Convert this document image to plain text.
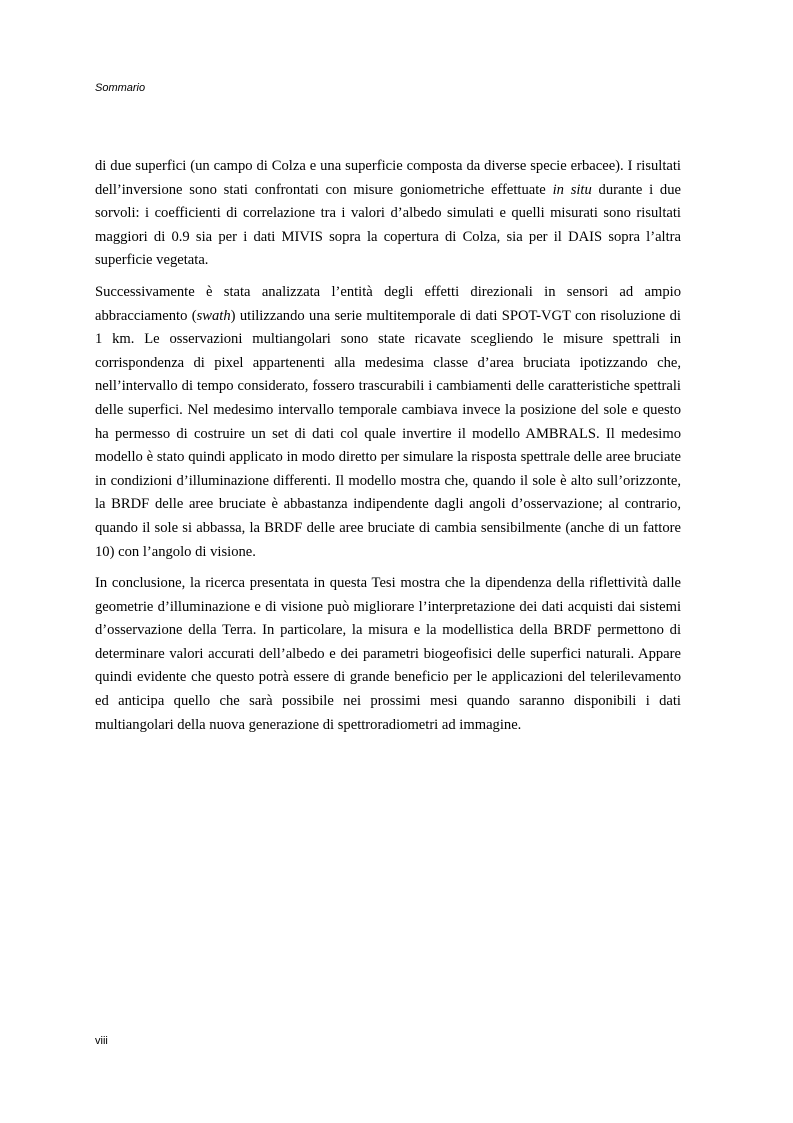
Sommario

di due superfici (un campo di Colza e una superficie composta da diverse specie erbacee). I risultati dell’inversione sono stati confrontati con misure goniometriche effettuate in situ durante i due sorvoli: i coefficienti di correlazione tra i valori d’albedo simulati e quelli misurati sono risultati maggiori di 0.9 sia per i dati MIVIS sopra la copertura di Colza, sia per il DAIS sopra l’altra superficie vegetata.

Successivamente è stata analizzata l’entità degli effetti direzionali in sensori ad ampio abbracciamento (swath) utilizzando una serie multitemporale di dati SPOT-VGT con risoluzione di 1 km. Le osservazioni multiangolari sono state ricavate scegliendo le misure spettrali in corrispondenza di pixel appartenenti alla medesima classe d’area bruciata ipotizzando che, nell’intervallo di tempo considerato, fossero trascurabili i cambiamenti delle caratteristiche spettrali delle superfici. Nel medesimo intervallo temporale cambiava invece la posizione del sole e questo ha permesso di costruire un set di dati col quale invertire il modello AMBRALS. Il medesimo modello è stato quindi applicato in modo diretto per simulare la risposta spettrale delle aree bruciate in condizioni d’illuminazione differenti. Il modello mostra che, quando il sole è alto sull’orizzonte, la BRDF delle aree bruciate è abbastanza indipendente dagli angoli d’osservazione; al contrario, quando il sole si abbassa, la BRDF delle aree bruciate di cambia sensibilmente (anche di un fattore 10) con l’angolo di visione.

In conclusione, la ricerca presentata in questa Tesi mostra che la dipendenza della riflettività dalle geometrie d’illuminazione e di visione può migliorare l’interpretazione dei dati acquisti dai sistemi d’osservazione della Terra. In particolare, la misura e la modellistica della BRDF permettono di determinare valori accurati dell’albedo e dei parametri biogeofisici delle superfici naturali. Appare quindi evidente che questo potrà essere di grande beneficio per le applicazioni del telerilevamento ed anticipa quello che sarà possibile nei prossimi mesi quando saranno disponibili i dati multiangolari della nuova generazione di spettroradiometri ad immagine.

viii
